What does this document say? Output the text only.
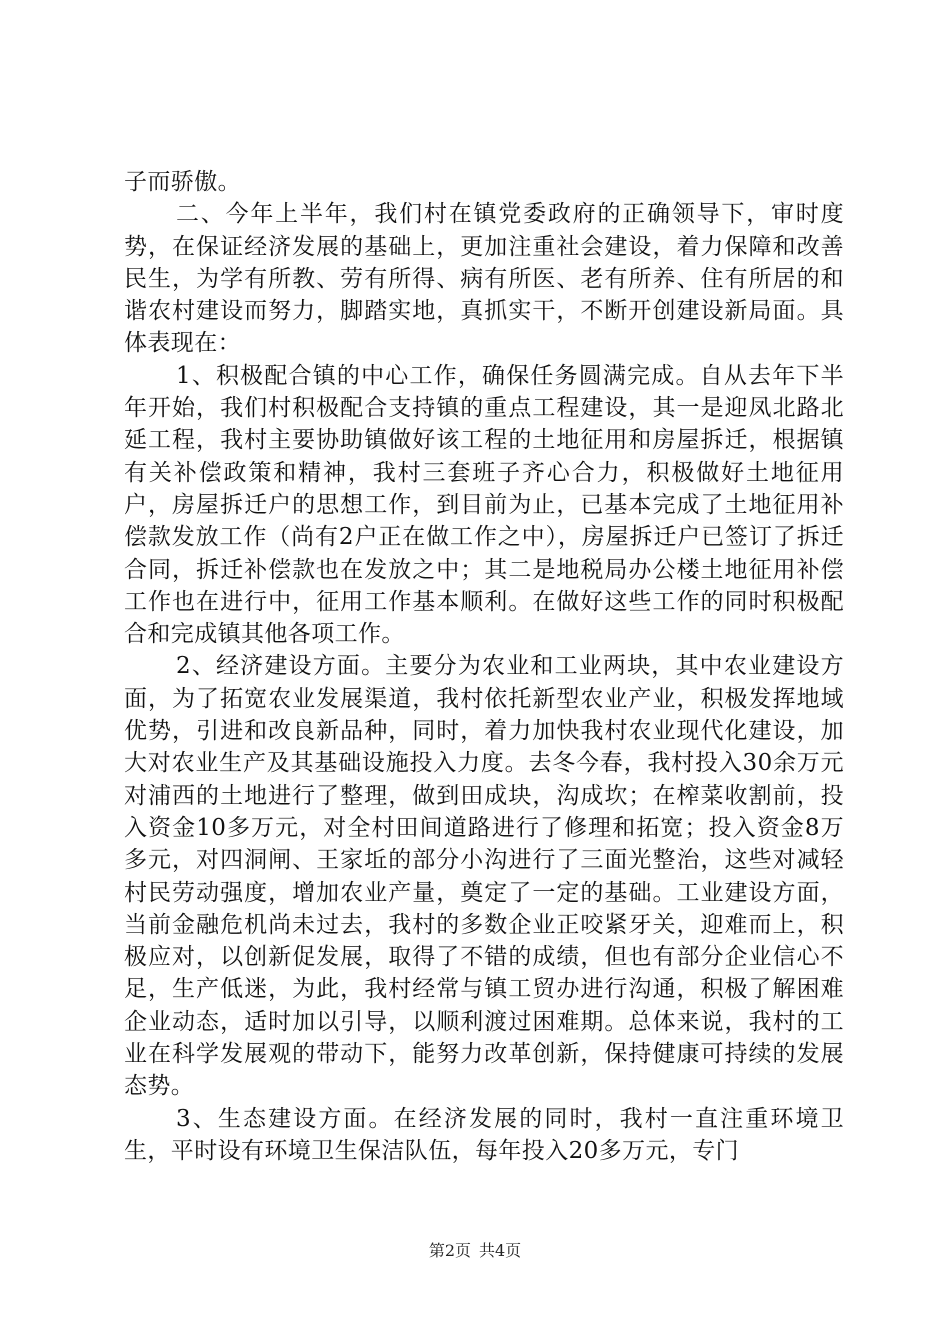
子而骄傲。

二、今年上半年，我们村在镇党委政府的正确领导下，审时度势，在保证经济发展的基础上，更加注重社会建设，着力保障和改善民生，为学有所教、劳有所得、病有所医、老有所养、住有所居的和谐农村建设而努力，脚踏实地，真抓实干，不断开创建设新局面。具体表现在：

1、积极配合镇的中心工作，确保任务圆满完成。自从去年下半年开始，我们村积极配合支持镇的重点工程建设，其一是迎凤北路北延工程，我村主要协助镇做好该工程的土地征用和房屋拆迁，根据镇有关补偿政策和精神，我村三套班子齐心合力，积极做好土地征用户，房屋拆迁户的思想工作，到目前为止，已基本完成了土地征用补偿款发放工作（尚有2户正在做工作之中），房屋拆迁户已签订了拆迁合同，拆迁补偿款也在发放之中；其二是地税局办公楼土地征用补偿工作也在进行中，征用工作基本顺利。在做好这些工作的同时积极配合和完成镇其他各项工作。

2、经济建设方面。主要分为农业和工业两块，其中农业建设方面，为了拓宽农业发展渠道，我村依托新型农业产业，积极发挥地域优势，引进和改良新品种，同时，着力加快我村农业现代化建设，加大对农业生产及其基础设施投入力度。去冬今春，我村投入30余万元对浦西的土地进行了整理，做到田成块，沟成坎；在榨菜收割前，投入资金10多万元，对全村田间道路进行了修理和拓宽；投入资金8万多元，对四洞闸、王家坵的部分小沟进行了三面光整治，这些对减轻村民劳动强度，增加农业产量，奠定了一定的基础。工业建设方面，当前金融危机尚未过去，我村的多数企业正咬紧牙关，迎难而上，积极应对，以创新促发展，取得了不错的成绩，但也有部分企业信心不足，生产低迷，为此，我村经常与镇工贸办进行沟通，积极了解困难企业动态，适时加以引导，以顺利渡过困难期。总体来说，我村的工业在科学发展观的带动下，能努力改革创新，保持健康可持续的发展态势。

3、生态建设方面。在经济发展的同时，我村一直注重环境卫生，平时设有环境卫生保洁队伍，每年投入20多万元，专门

第2页 共4页
